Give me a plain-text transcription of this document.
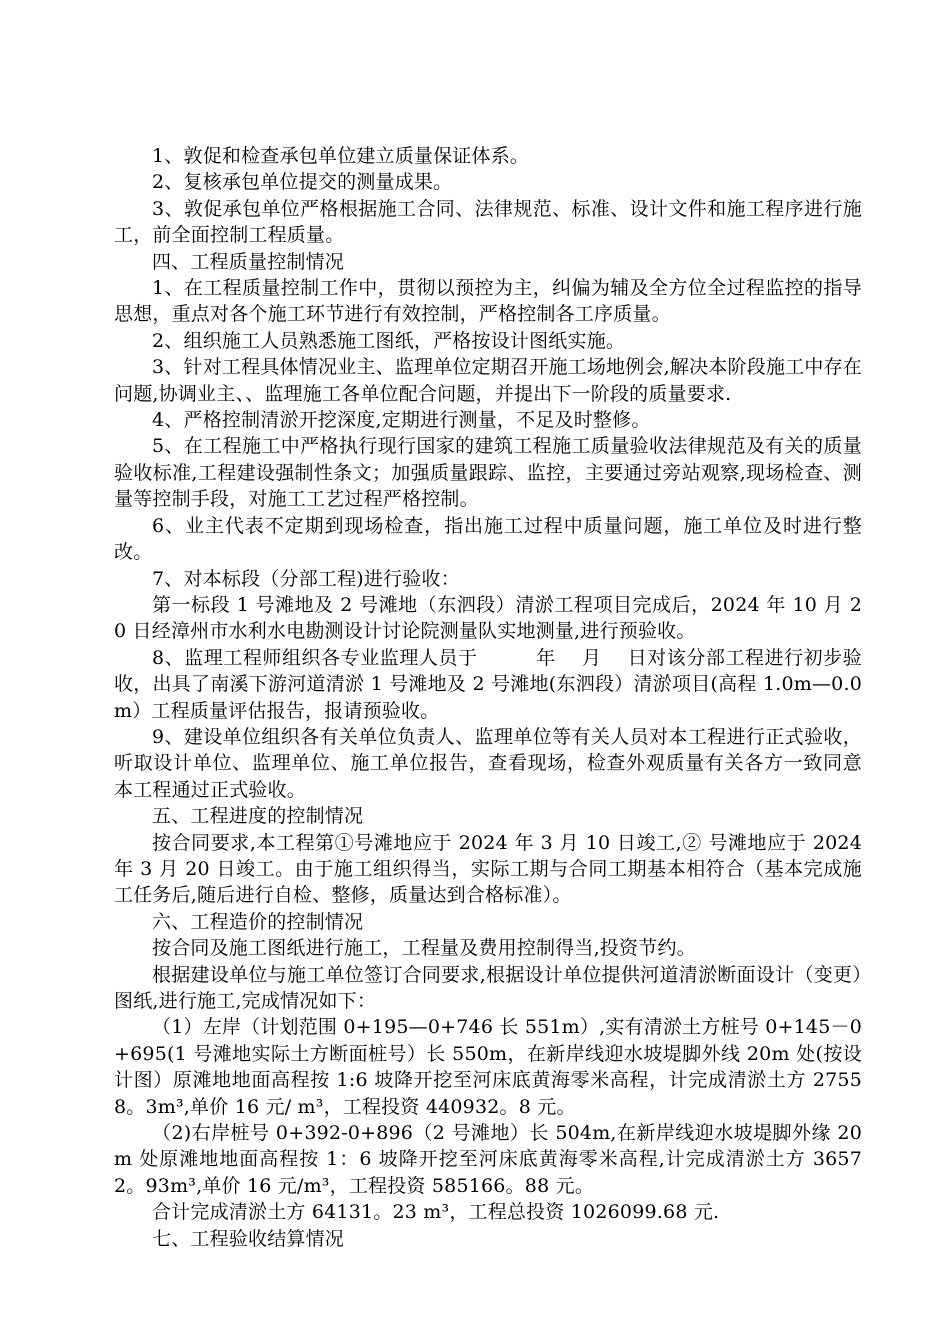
1、敦促和检查承包单位建立质量保证体系。

2、复核承包单位提交的测量成果。

3、敦促承包单位严格根据施工合同、法律规范、标准、设计文件和施工程序进行施工，前全面控制工程质量。

四、工程质量控制情况

1、在工程质量控制工作中，贯彻以预控为主，纠偏为辅及全方位全过程监控的指导思想，重点对各个施工环节进行有效控制，严格控制各工序质量。

2、组织施工人员熟悉施工图纸，严格按设计图纸实施。

3、针对工程具体情况业主、监理单位定期召开施工场地例会,解决本阶段施工中存在问题,协调业主、、监理施工各单位配合问题，并提出下一阶段的质量要求.

4、严格控制清淤开挖深度,定期进行测量，不足及时整修。

5、在工程施工中严格执行现行国家的建筑工程施工质量验收法律规范及有关的质量验收标准,工程建设强制性条文；加强质量跟踪、监控，主要通过旁站观察,现场检查、测量等控制手段，对施工工艺过程严格控制。

6、业主代表不定期到现场检查，指出施工过程中质量问题，施工单位及时进行整改。

7、对本标段（分部工程)进行验收：

第一标段 1 号滩地及 2 号滩地（东泗段）清淤工程项目完成后，2024 年 10 月 20 日经漳州市水利水电勘测设计讨论院测量队实地测量,进行预验收。

8、监理工程师组织各专业监理人员于　　　年　 月　 日对该分部工程进行初步验收，出具了南溪下游河道清淤 1 号滩地及 2 号滩地(东泗段）清淤项目(高程 1.0m—0.0m）工程质量评估报告，报请预验收。

9、建设单位组织各有关单位负责人、监理单位等有关人员对本工程进行正式验收，听取设计单位、监理单位、施工单位报告，查看现场，检查外观质量有关各方一致同意本工程通过正式验收。

五、工程进度的控制情况

按合同要求,本工程第①号滩地应于 2024 年 3 月 10 日竣工,② 号滩地应于 2024 年 3 月 20 日竣工。由于施工组织得当，实际工期与合同工期基本相符合（基本完成施工任务后,随后进行自检、整修，质量达到合格标准）。

六、工程造价的控制情况

按合同及施工图纸进行施工，工程量及费用控制得当,投资节约。

根据建设单位与施工单位签订合同要求,根据设计单位提供河道清淤断面设计（变更）图纸,进行施工,完成情况如下：

（1）左岸（计划范围 0+195—0+746 长 551m）,实有清淤土方桩号 0+145－0+695(1 号滩地实际土方断面桩号）长 550m，在新岸线迎水坡堤脚外线 20m 处(按设计图）原滩地地面高程按 1:6 坡降开挖至河床底黄海零米高程，计完成清淤土方 27558。3m³,单价 16 元/ m³，工程投资 440932。8 元。

（2)右岸桩号 0+392-0+896（2 号滩地）长 504m,在新岸线迎水坡堤脚外缘 20m 处原滩地地面高程按 1：6 坡降开挖至河床底黄海零米高程,计完成清淤土方 36572。93m³,单价 16 元/m³，工程投资 585166。88 元。

合计完成清淤土方 64131。23 m³，工程总投资 1026099.68 元.

七、工程验收结算情况
